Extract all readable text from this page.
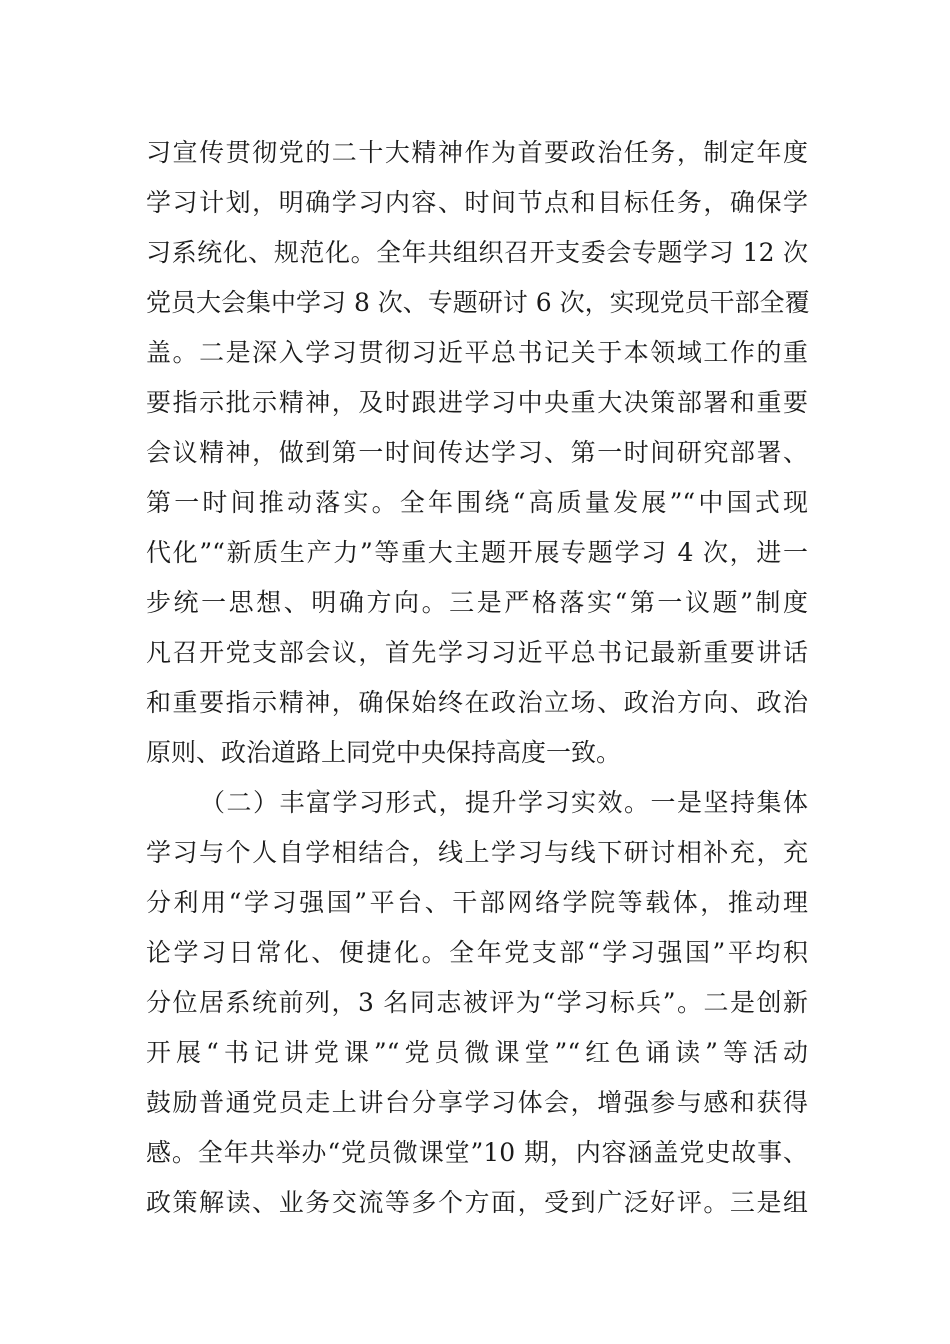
习宣传贯彻党的二十大精神作为首要政治任务，制定年度
学习计划，明确学习内容、时间节点和目标任务，确保学
习系统化、规范化。全年共组织召开支委会专题学习 12 次
党员大会集中学习 8 次、专题研讨 6 次，实现党员干部全覆
盖。二是深入学习贯彻习近平总书记关于本领域工作的重
要指示批示精神，及时跟进学习中央重大决策部署和重要
会议精神，做到第一时间传达学习、第一时间研究部署、
第一时间推动落实。全年围绕“高质量发展”“中国式现
代化”“新质生产力”等重大主题开展专题学习 4 次，进一
步统一思想、明确方向。三是严格落实“第一议题”制度
凡召开党支部会议，首先学习习近平总书记最新重要讲话
和重要指示精神，确保始终在政治立场、政治方向、政治
原则、政治道路上同党中央保持高度一致。
（二）丰富学习形式，提升学习实效。一是坚持集体
学习与个人自学相结合，线上学习与线下研讨相补充，充
分利用“学习强国”平台、干部网络学院等载体，推动理
论学习日常化、便捷化。全年党支部“学习强国”平均积
分位居系统前列，3 名同志被评为“学习标兵”。二是创新
开展“书记讲党课”“党员微课堂”“红色诵读”等活动
鼓励普通党员走上讲台分享学习体会，增强参与感和获得
感。全年共举办“党员微课堂”10 期，内容涵盖党史故事、
政策解读、业务交流等多个方面，受到广泛好评。三是组
